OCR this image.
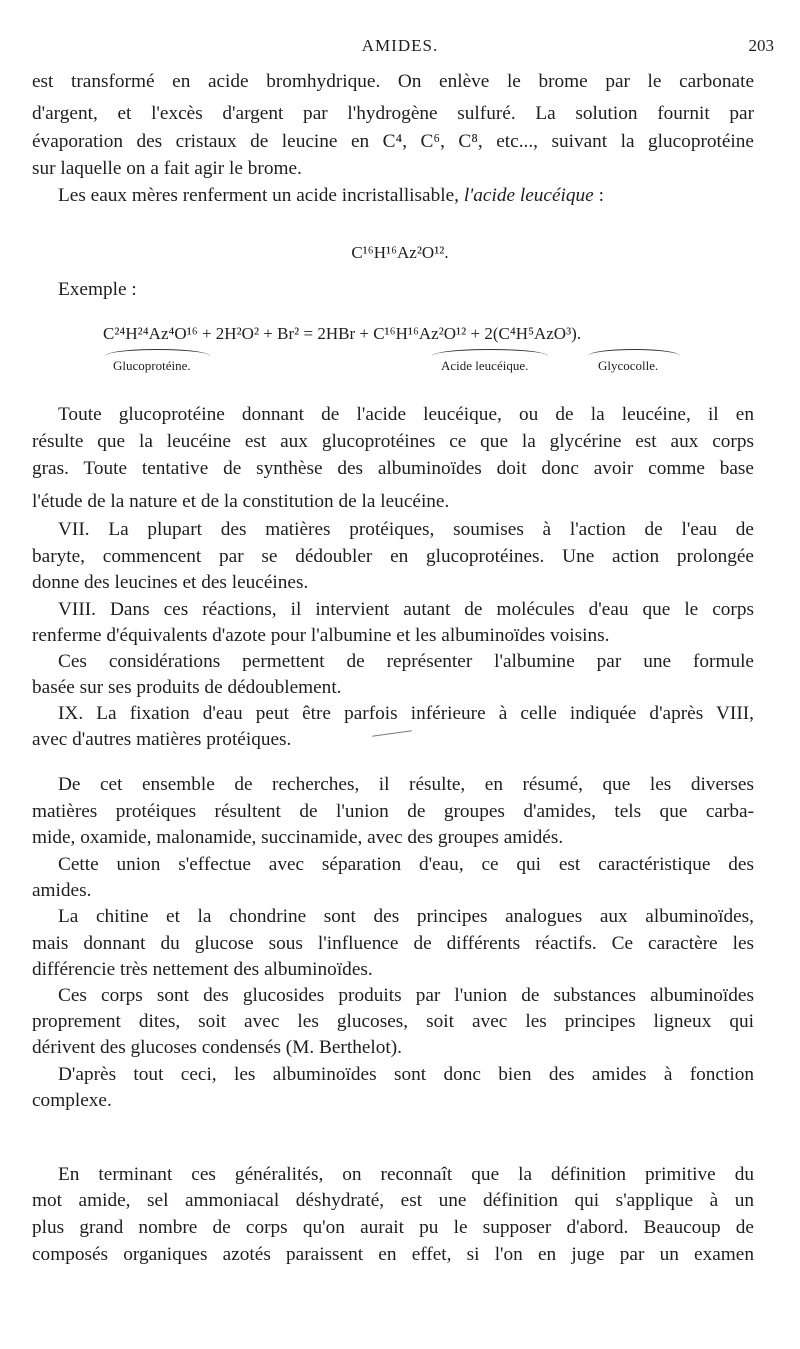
AMIDES.	203
est transformé en acide bromhydrique. On enlève le brome par le carbonate
d'argent, et l'excès d'argent par l'hydrogène sulfuré. La solution fournit par
évaporation des cristaux de leucine en C⁴, C⁶, C⁸, etc..., suivant la glucoprotéine
sur laquelle on a fait agir le brome.
Les eaux mères renferment un acide incristallisable, l'acide leucéique :
C¹⁶H¹⁶Az²O¹².
Exemple :
C²⁴H²⁴Az⁴O¹⁶ + 2H²O² + Br² = 2HBr + C¹⁶H¹⁶Az²O¹² + 2(C⁴H⁵AzO³).
Glucoprotéine.	Acide leucéique.	Glycocolle.
Toute glucoprotéine donnant de l'acide leucéique, ou de la leucéine, il en
résulte que la leucéine est aux glucoprotéines ce que la glycérine est aux corps
gras. Toute tentative de synthèse des albuminoïdes doit donc avoir comme base
l'étude de la nature et de la constitution de la leucéine.
VII. La plupart des matières protéiques, soumises à l'action de l'eau de
baryte, commencent par se dédoubler en glucoprotéines. Une action prolongée
donne des leucines et des leucéines.
VIII. Dans ces réactions, il intervient autant de molécules d'eau que le corps
renferme d'équivalents d'azote pour l'albumine et les albuminoïdes voisins.
Ces considérations permettent de représenter l'albumine par une formule
basée sur ses produits de dédoublement.
IX. La fixation d'eau peut être parfois inférieure à celle indiquée d'après VIII,
avec d'autres matières protéiques.
De cet ensemble de recherches, il résulte, en résumé, que les diverses
matières protéiques résultent de l'union de groupes d'amides, tels que carba-
mide, oxamide, malonamide, succinamide, avec des groupes amidés.
Cette union s'effectue avec séparation d'eau, ce qui est caractéristique des
amides.
La chitine et la chondrine sont des principes analogues aux albuminoïdes,
mais donnant du glucose sous l'influence de différents réactifs. Ce caractère les
différencie très nettement des albuminoïdes.
Ces corps sont des glucosides produits par l'union de substances albuminoïdes
proprement dites, soit avec les glucoses, soit avec les principes ligneux qui
dérivent des glucoses condensés (M. Berthelot).
D'après tout ceci, les albuminoïdes sont donc bien des amides à fonction
complexe.
En terminant ces généralités, on reconnaît que la définition primitive du
mot amide, sel ammoniacal déshydraté, est une définition qui s'applique à un
plus grand nombre de corps qu'on aurait pu le supposer d'abord. Beaucoup de
composés organiques azotés paraissent en effet, si l'on en juge par un examen
